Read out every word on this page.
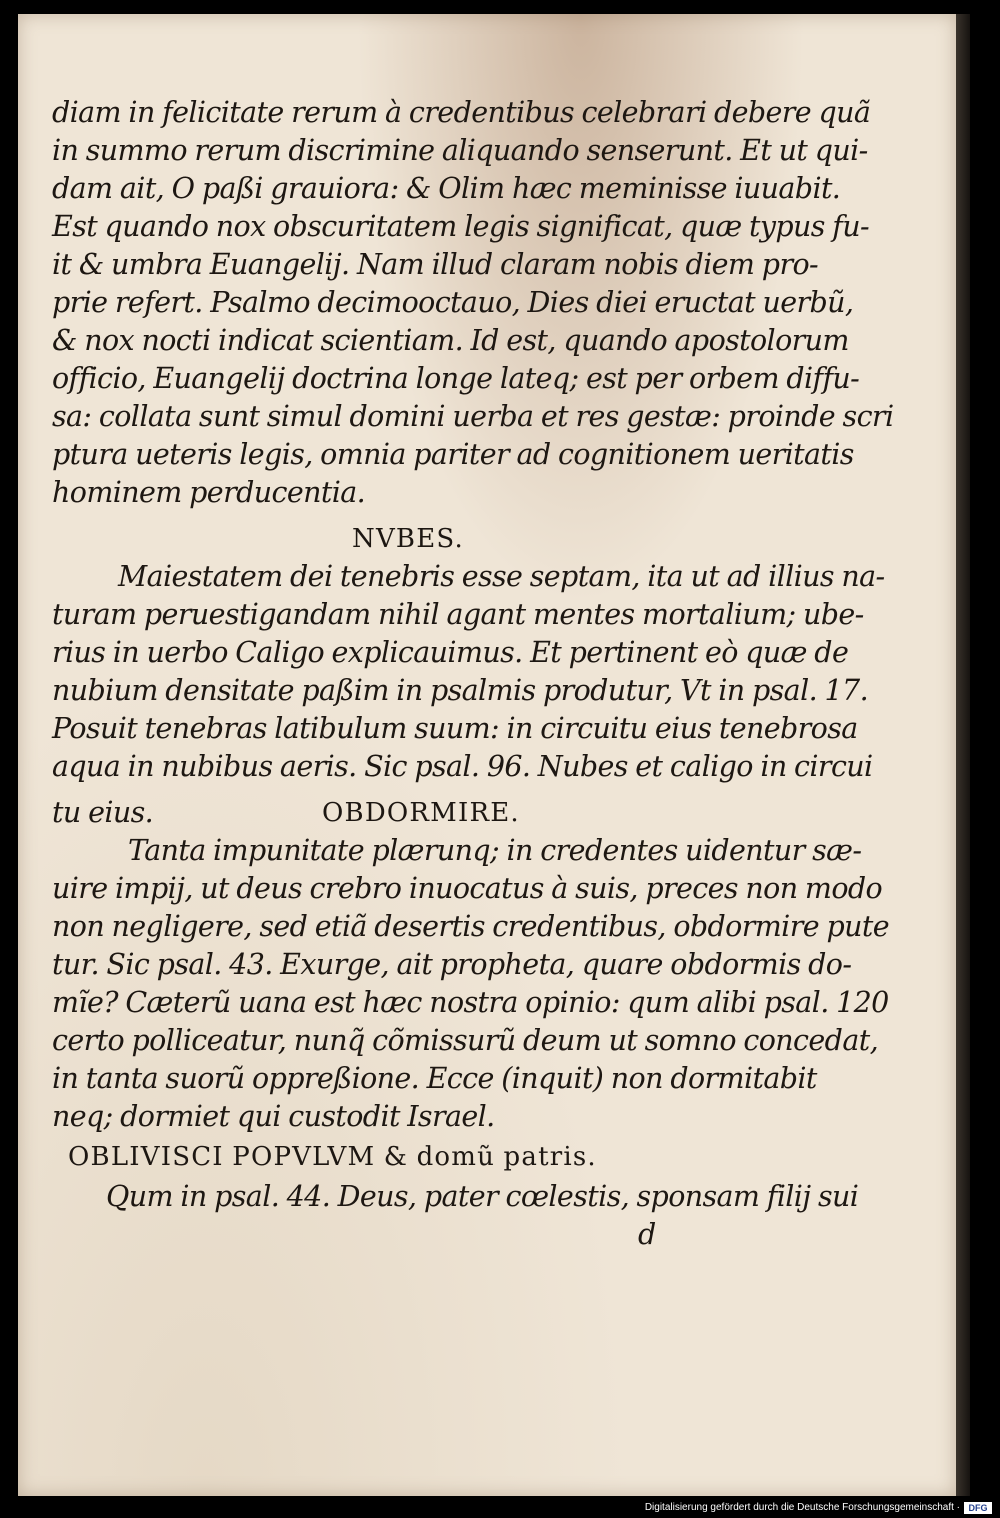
diam in felicitate rerum à credentibus celebrari debere quã
in summo rerum discrimine aliquando senserunt. Et ut qui-
dam ait, O paßi grauiora: & Olim hæc meminisse iuuabit.
Est quando nox obscuritatem legis significat, quæ typus fu-
it & umbra Euangelij. Nam illud claram nobis diem pro-
prie refert. Psalmo decimooctauo, Dies diei eructat uerbũ,
& nox nocti indicat scientiam. Id est, quando apostolorum
officio, Euangelij doctrina longe lateq; est per orbem diffu-
sa: collata sunt simul domini uerba et res gestæ: proinde scri
ptura ueteris legis, omnia pariter ad cognitionem ueritatis
hominem perducentia.
NVBES.
Maiestatem dei tenebris esse septam, ita ut ad illius na-
turam peruestigandam nihil agant mentes mortalium; ube-
rius in uerbo Caligo explicauimus. Et pertinent eò quæ de
nubium densitate paßim in psalmis produtur, Vt in psal. 17.
Posuit tenebras latibulum suum: in circuitu eius tenebrosa
aqua in nubibus aeris. Sic psal. 96. Nubes et caligo in circui
tu eius.	OBDORMIRE.
Tanta impunitate plærunq; in credentes uidentur sæ-
uire impij, ut deus crebro inuocatus à suis, preces non modo
non negligere, sed etiã desertis credentibus, obdormire pute
tur. Sic psal. 43. Exurge, ait propheta, quare obdormis do-
mĩe? Cæterũ uana est hæc nostra opinio: qum alibi psal. 120
certo polliceatur, nunq̃ cõmissurũ deum ut somno concedat,
in tanta suorũ oppreßione. Ecce (inquit) non dormitabit
neq; dormiet qui custodit Israel.
OBLIVISCI POPVLVM & domũ patris.
Qum in psal. 44. Deus, pater cœlestis, sponsam filij sui
d
Digitalisierung gefördert durch die Deutsche Forschungsgemeinschaft · DFG
